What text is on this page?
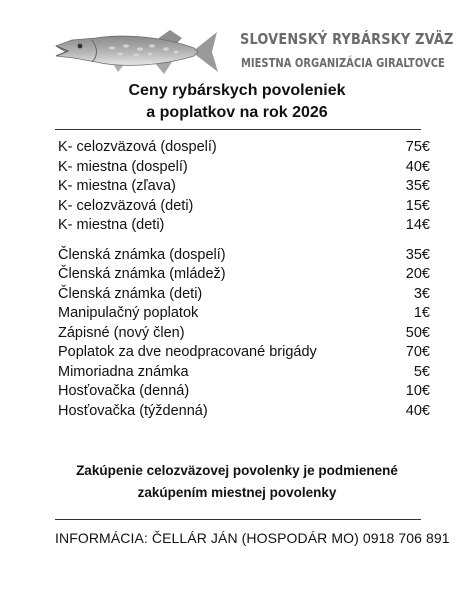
SLOVENSKÝ RYBÁRSKY ZVÄZ
MIESTNA ORGANIZÁCIA GIRALTOVCE
Ceny rybárskych povoleniek
a poplatkov na rok 2026
K- celozväzová (dospelí)	75€
K- miestna (dospelí)	40€
K- miestna (zľava)	35€
K- celozväzová (deti)	15€
K- miestna (deti)	14€
Členská známka (dospelí)	35€
Členská známka (mládež)	20€
Členská známka (deti)	3€
Manipulačný poplatok	1€
Zápisné (nový člen)	50€
Poplatok za dve neodpracované brigády	70€
Mimoriadna známka	5€
Hosťovačka (denná)	10€
Hosťovačka (týždenná)	40€
Zakúpenie celozväzovej povolenky je podmienené
zakúpením miestnej povolenky
INFORMÁCIA: ČELLÁR JÁN (HOSPODÁR MO) 0918 706 891
